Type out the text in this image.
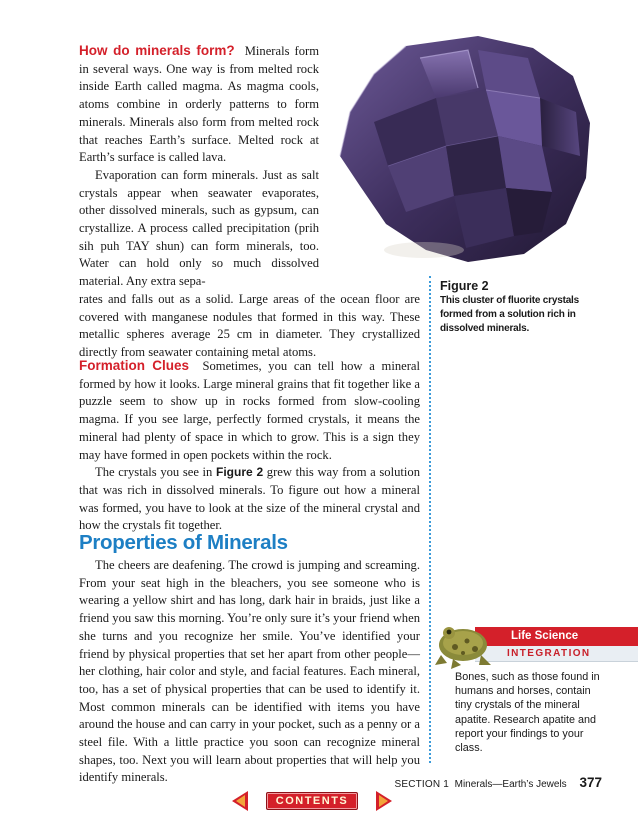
How do minerals form? Minerals form in several ways. One way is from melted rock inside Earth called magma. As magma cools, atoms combine in orderly patterns to form minerals. Minerals also form from melted rock that reaches Earth’s surface. Melted rock at Earth’s surface is called lava.

Evaporation can form minerals. Just as salt crystals appear when seawater evaporates, other dissolved minerals, such as gypsum, can crystallize. A process called precipitation (prih sih puh TAY shun) can form minerals, too. Water can hold only so much dissolved material. Any extra sepa-

rates and falls out as a solid. Large areas of the ocean floor are covered with manganese nodules that formed in this way. These metallic spheres average 25 cm in diameter. They crystallized directly from seawater containing metal atoms.

Formation Clues Sometimes, you can tell how a mineral formed by how it looks. Large mineral grains that fit together like a puzzle seem to show up in rocks formed from slow-cooling magma. If you see large, perfectly formed crystals, it means the mineral had plenty of space in which to grow. This is a sign they may have formed in open pockets within the rock.

The crystals you see in Figure 2 grew this way from a solution that was rich in dissolved minerals. To figure out how a mineral was formed, you have to look at the size of the mineral crystal and how the crystals fit together.

Properties of Minerals

The cheers are deafening. The crowd is jumping and screaming. From your seat high in the bleachers, you see someone who is wearing a yellow shirt and has long, dark hair in braids, just like a friend you saw this morning. You’re only sure it’s your friend when she turns and you recognize her smile. You’ve identified your friend by physical properties that set her apart from other people—her clothing, hair color and style, and facial features. Each mineral, too, has a set of physical properties that can be used to identify it. Most common minerals can be identified with items you have around the house and can carry in your pocket, such as a penny or a steel file. With a little practice you soon can recognize mineral shapes, too. Next you will learn about properties that will help you identify minerals.

Figure 2
This cluster of fluorite crystals formed from a solution rich in dissolved minerals.
Life Science
INTEGRATION
Bones, such as those found in humans and horses, contain tiny crystals of the mineral apatite. Research apatite and report your findings to your class.
SECTION 1 Minerals—Earth’s Jewels 377
CONTENTS
